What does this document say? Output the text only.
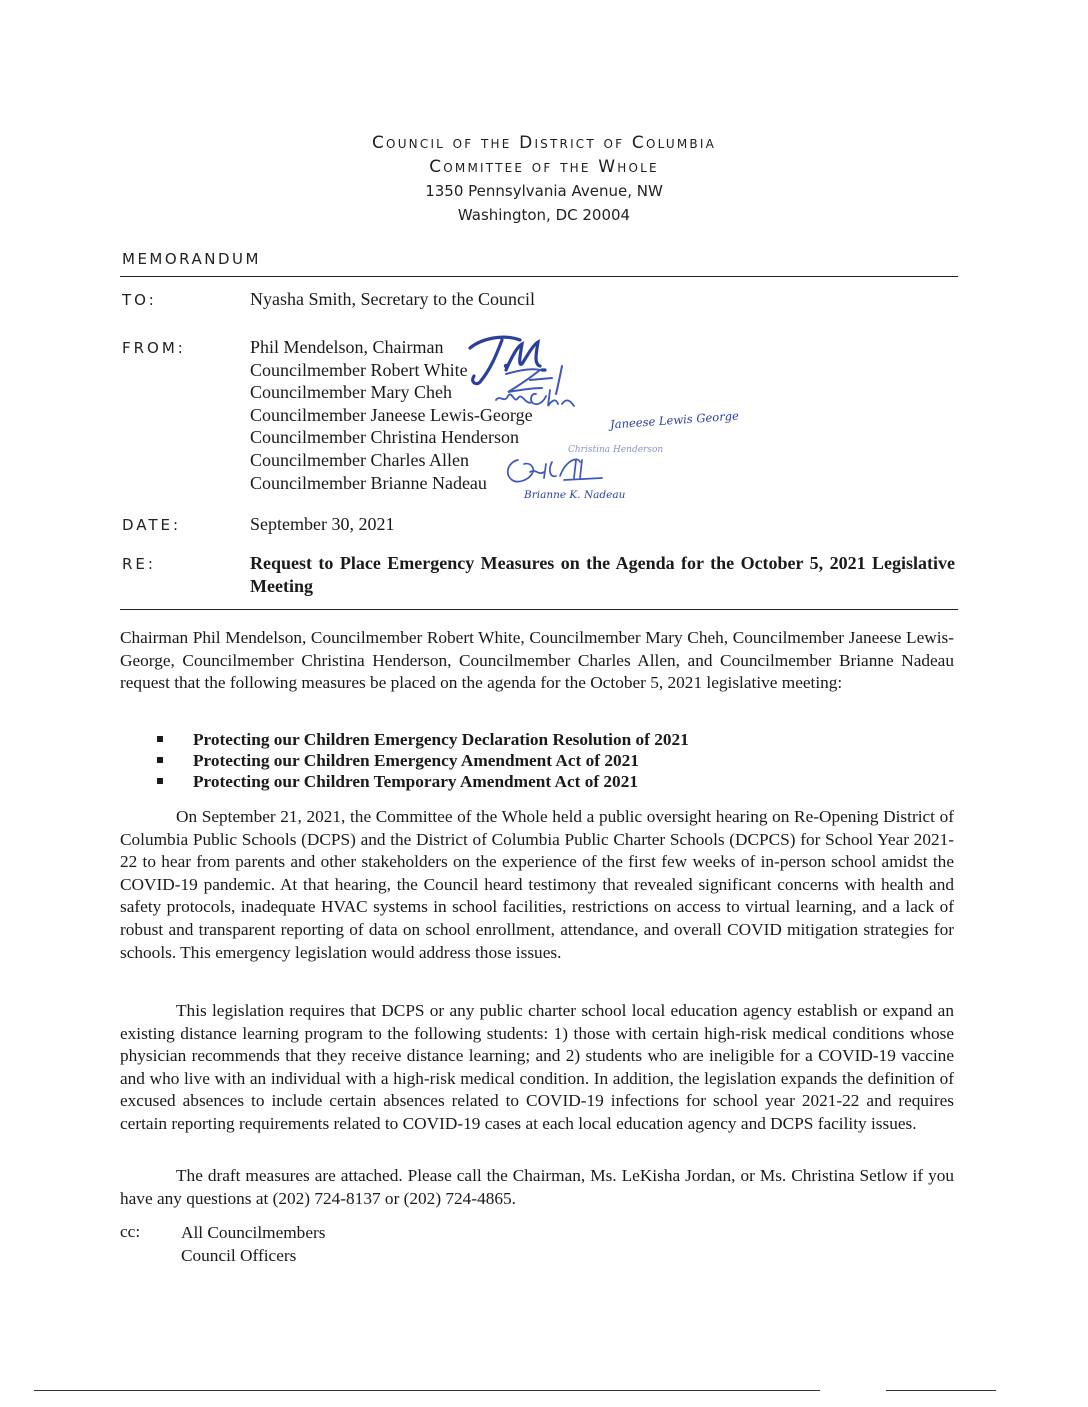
Council of the District of Columbia
Committee of the Whole
1350 Pennsylvania Avenue, NW
Washington, DC 20004
MEMORANDUM
TO:	Nyasha Smith, Secretary to the Council
FROM:	Phil Mendelson, Chairman
Councilmember Robert White
Councilmember Mary Cheh
Councilmember Janeese Lewis-George
Councilmember Christina Henderson
Councilmember Charles Allen
Councilmember Brianne Nadeau
Janeese Lewis George
Christina Henderson
Brianne K. Nadeau
DATE:	September 30, 2021
RE:	Request to Place Emergency Measures on the Agenda for the October 5, 2021 Legislative Meeting
Chairman Phil Mendelson, Councilmember Robert White, Councilmember Mary Cheh, Councilmember Janeese Lewis-George, Councilmember Christina Henderson, Councilmember Charles Allen, and Councilmember Brianne Nadeau request that the following measures be placed on the agenda for the October 5, 2021 legislative meeting:
Protecting our Children Emergency Declaration Resolution of 2021
Protecting our Children Emergency Amendment Act of 2021
Protecting our Children Temporary Amendment Act of 2021
On September 21, 2021, the Committee of the Whole held a public oversight hearing on Re-Opening District of Columbia Public Schools (DCPS) and the District of Columbia Public Charter Schools (DCPCS) for School Year 2021-22 to hear from parents and other stakeholders on the experience of the first few weeks of in-person school amidst the COVID-19 pandemic. At that hearing, the Council heard testimony that revealed significant concerns with health and safety protocols, inadequate HVAC systems in school facilities, restrictions on access to virtual learning, and a lack of robust and transparent reporting of data on school enrollment, attendance, and overall COVID mitigation strategies for schools. This emergency legislation would address those issues.
This legislation requires that DCPS or any public charter school local education agency establish or expand an existing distance learning program to the following students: 1) those with certain high-risk medical conditions whose physician recommends that they receive distance learning; and 2) students who are ineligible for a COVID-19 vaccine and who live with an individual with a high-risk medical condition. In addition, the legislation expands the definition of excused absences to include certain absences related to COVID-19 infections for school year 2021-22 and requires certain reporting requirements related to COVID-19 cases at each local education agency and DCPS facility issues.
The draft measures are attached. Please call the Chairman, Ms. LeKisha Jordan, or Ms. Christina Setlow if you have any questions at (202) 724-8137 or (202) 724-4865.
cc: All Councilmembers
Council Officers
